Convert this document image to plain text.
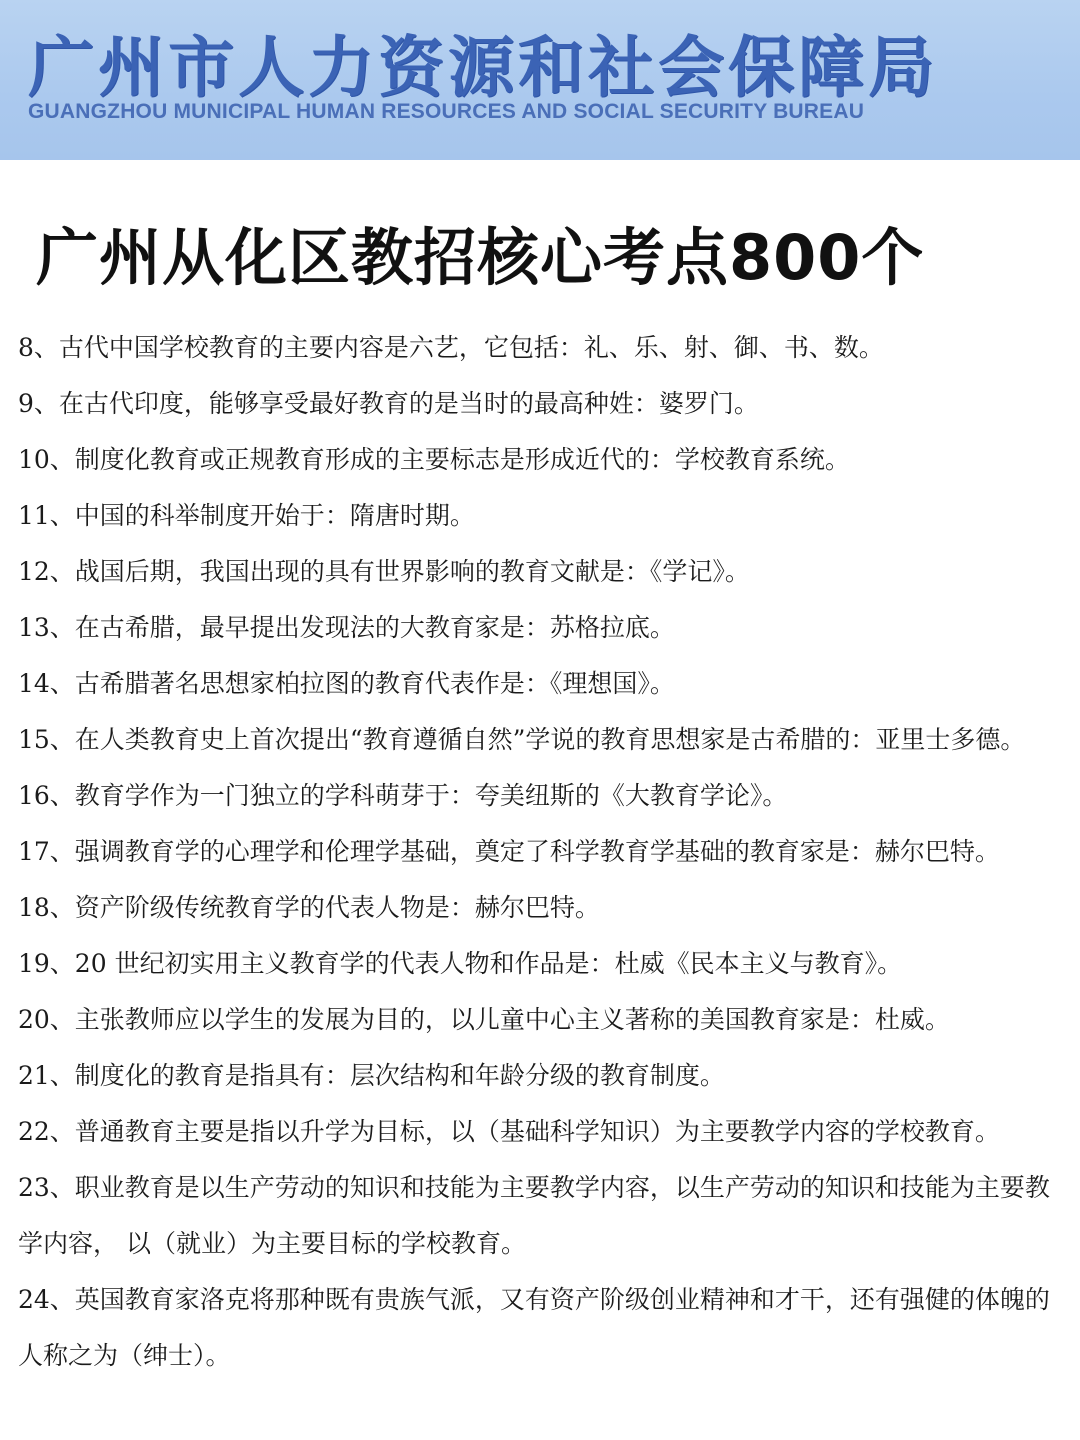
广州市人力资源和社会保障局
GUANGZHOU MUNICIPAL HUMAN RESOURCES AND SOCIAL SECURITY BUREAU
广州从化区教招核心考点800个
8、古代中国学校教育的主要内容是六艺，它包括：礼、乐、射、御、书、数。
9、在古代印度，能够享受最好教育的是当时的最高种姓：婆罗门。
10、制度化教育或正规教育形成的主要标志是形成近代的：学校教育系统。
11、中国的科举制度开始于：隋唐时期。
12、战国后期，我国出现的具有世界影响的教育文献是：《学记》。
13、在古希腊，最早提出发现法的大教育家是：苏格拉底。
14、古希腊著名思想家柏拉图的教育代表作是：《理想国》。
15、在人类教育史上首次提出“教育遵循自然”学说的教育思想家是古希腊的：亚里士多德。
16、教育学作为一门独立的学科萌芽于：夸美纽斯的《大教育学论》。
17、强调教育学的心理学和伦理学基础，奠定了科学教育学基础的教育家是：赫尔巴特。
18、资产阶级传统教育学的代表人物是：赫尔巴特。
19、20 世纪初实用主义教育学的代表人物和作品是：杜威《民本主义与教育》。
20、主张教师应以学生的发展为目的，以儿童中心主义著称的美国教育家是：杜威。
21、制度化的教育是指具有：层次结构和年龄分级的教育制度。
22、普通教育主要是指以升学为目标，以（基础科学知识）为主要教学内容的学校教育。
23、职业教育是以生产劳动的知识和技能为主要教学内容，以生产劳动的知识和技能为主要教
学内容， 以（就业）为主要目标的学校教育。
24、英国教育家洛克将那种既有贵族气派，又有资产阶级创业精神和才干，还有强健的体魄的
人称之为（绅士）。
